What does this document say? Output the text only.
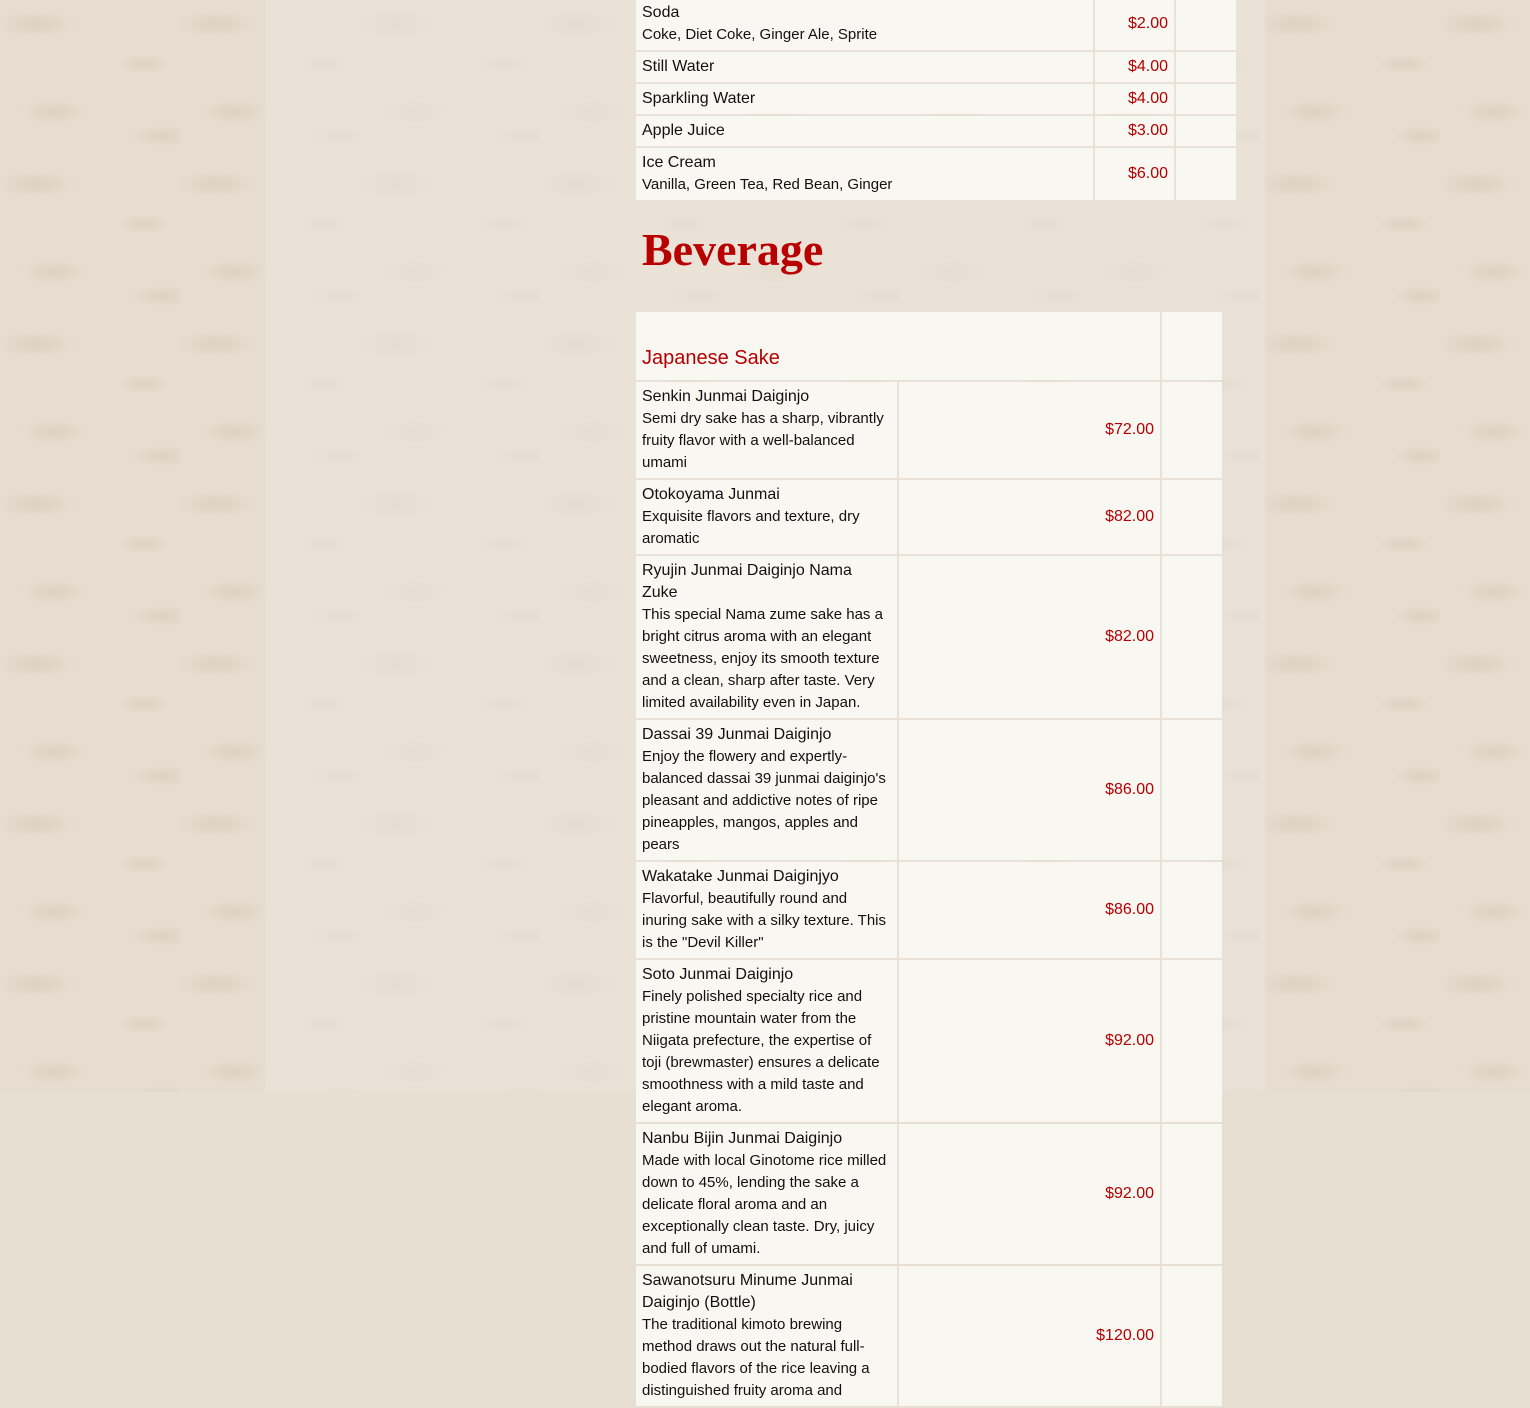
Soda
Coke, Diet Coke, Ginger Ale, Sprite	$2.00	

Still Water	$4.00	

Sparkling Water	$4.00	

Apple Juice	$3.00	

Ice Cream
Vanilla, Green Tea, Red Bean, Ginger	$6.00	
Beverage
Japanese Sake		

Senkin Junmai Daiginjo
Semi dry sake has a sharp, vibrantly fruity flavor with a well-balanced umami	$72.00	

Otokoyama Junmai
Exquisite flavors and texture, dry aromatic	$82.00	

Ryujin Junmai Daiginjo Nama Zuke
This special Nama zume sake has a bright citrus aroma with an elegant sweetness, enjoy its smooth texture and a clean, sharp after taste. Very limited availability even in Japan.	$82.00	

Dassai 39 Junmai Daiginjo
Enjoy the flowery and expertly-balanced dassai 39 junmai daiginjo's pleasant and addictive notes of ripe pineapples, mangos, apples and pears	$86.00	

Wakatake Junmai Daiginjyo
Flavorful, beautifully round and inuring sake with a silky texture. This is the "Devil Killer"	$86.00	

Soto Junmai Daiginjo
Finely polished specialty rice and pristine mountain water from the Niigata prefecture, the expertise of toji (brewmaster) ensures a delicate smoothness with a mild taste and elegant aroma.	$92.00	

Nanbu Bijin Junmai Daiginjo
Made with local Ginotome rice milled down to 45%, lending the sake a delicate floral aroma and an exceptionally clean taste. Dry, juicy and full of umami.	$92.00	

Sawanotsuru Minume Junmai Daiginjo (Bottle)
The traditional kimoto brewing method draws out the natural full-bodied flavors of the rice leaving a distinguished fruity aroma and	$120.00	
